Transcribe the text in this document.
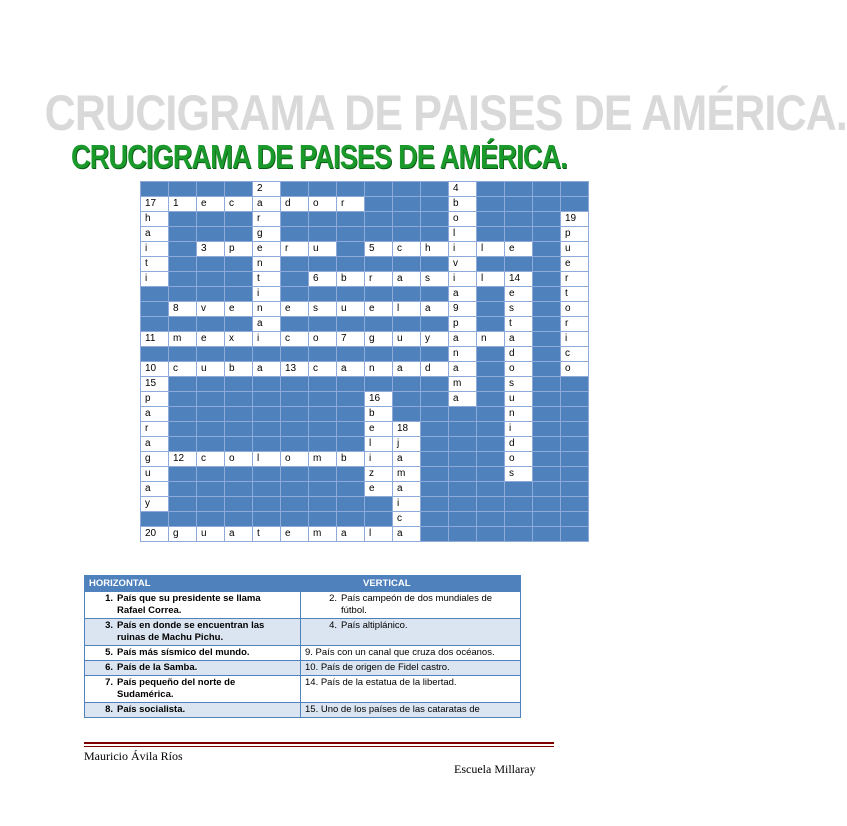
CRUCIGRAMA DE PAISES DE AMÉRICA.
CRUCIGRAMA DE PAISES DE AMÉRICA.
				2							4				
17	1	e	c	a	d	o	r				b				
h				r							o				19
a				g							l				p
i		3	p	e	r	u		5	c	h	i	l	e		u
t				n							v				e
i				t		6	b	r	a	s	i	l	14		r
				i							a		e		t
	8	v	e	n	e	s	u	e	l	a	9		s		o
				a							p		t		r
11	m	e	x	i	c	o	7	g	u	y	a	n	a		i
											n		d		c
10	c	u	b	a	13	c	a	n	a	d	a		o		o
15											m		s		
p								16			a		u		
a								b					n		
r								e	18				i		
a								l	j				d		
g	12	c	o	l	o	m	b	i	a				o		
u								z	m				s		
a								e	a						
y									i						
									c						
20	g	u	a	t	e	m	a	l	a						
HORIZONTAL	VERTICAL
1. País que su presidente se llama Rafael Correa.	2. País campeón de dos mundiales de fútbol.
3. País en donde se encuentran las ruinas de Machu Pichu.	4. País altiplánico.
5. País más sísmico del mundo.	9. País con un canal que cruza dos océanos.
6. País de la Samba.	10. País de origen de Fidel castro.
7. País pequeño del norte de Sudamérica.	14. País de la estatua de la libertad.
8. País socialista.	15. Uno de los países de las cataratas de
Mauricio Ávila Ríos
Escuela Millaray
